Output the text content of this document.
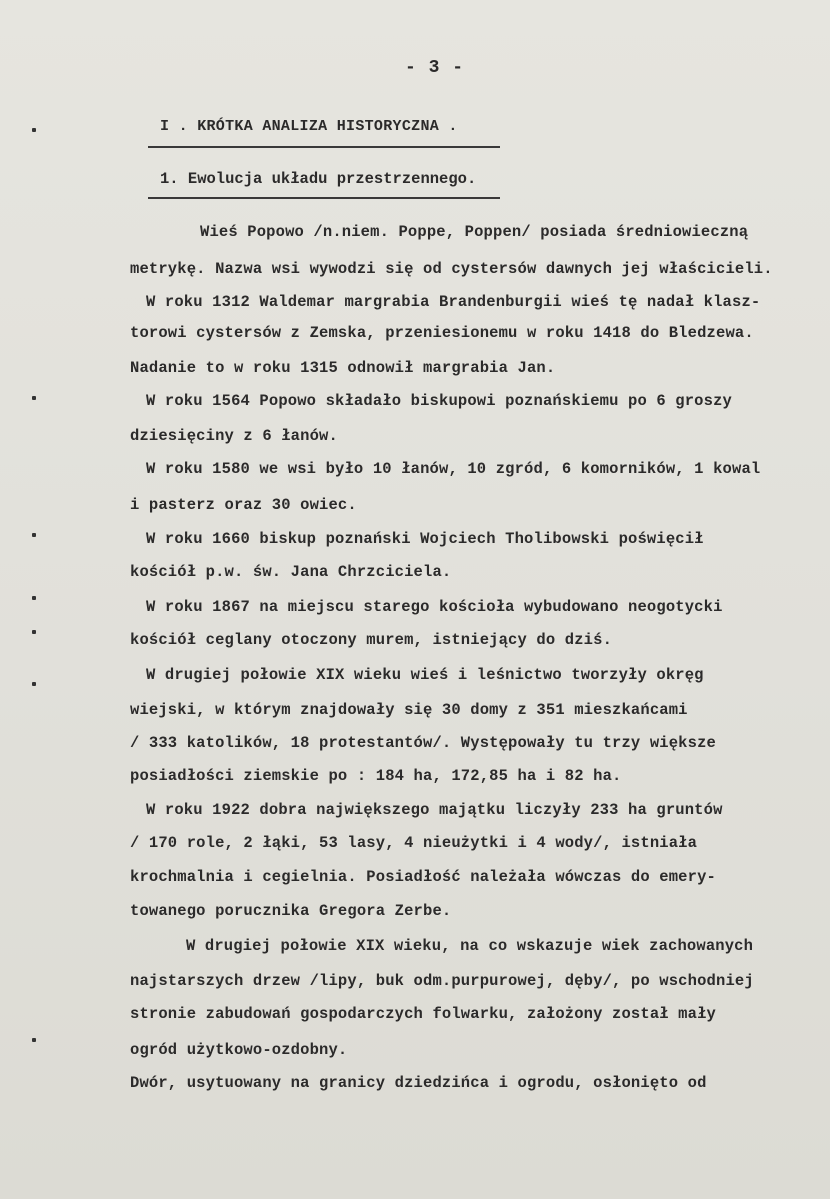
- 3 -
I . KRÓTKA ANALIZA HISTORYCZNA .
1. Ewolucja układu przestrzennego.
Wieś Popowo /n.niem. Poppe, Poppen/ posiada średniowieczną
metrykę. Nazwa wsi wywodzi się od cystersów dawnych jej właścicieli.
W roku 1312 Waldemar margrabia Brandenburgii wieś tę nadał klasz-
torowi cystersów z Zemska, przeniesionemu w roku 1418 do Bledzewa.
Nadanie to w roku 1315 odnowił margrabia Jan.
W roku 1564 Popowo składało biskupowi poznańskiemu po 6 groszy
dziesięciny z 6 łanów.
W roku 1580 we wsi było 10 łanów, 10 zgród, 6 komorników, 1 kowal
i pasterz oraz 30 owiec.
W roku 1660 biskup poznański Wojciech Tholibowski poświęcił
kościół p.w. św. Jana Chrzciciela.
W roku 1867 na miejscu starego kościoła wybudowano neogotycki
kościół ceglany otoczony murem, istniejący do dziś.
W drugiej połowie XIX wieku wieś i leśnictwo tworzyły okręg
wiejski, w którym znajdowały się 30 domy z 351 mieszkańcami
/ 333 katolików, 18 protestantów/. Występowały tu trzy większe
posiadłości ziemskie po : 184 ha, 172,85 ha i 82 ha.
W roku 1922 dobra największego majątku liczyły 233 ha gruntów
/ 170 role, 2 łąki, 53 lasy, 4 nieużytki i 4 wody/, istniała
krochmalnia i cegielnia. Posiadłość należała wówczas do emery-
towanego porucznika Gregora Zerbe.
W drugiej połowie XIX wieku, na co wskazuje wiek zachowanych
najstarszych drzew /lipy, buk odm.purpurowej, dęby/, po wschodniej
stronie zabudowań gospodarczych folwarku, założony został mały
ogród użytkowo-ozdobny.
Dwór, usytuowany na granicy dziedzińca i ogrodu, osłonięto od
